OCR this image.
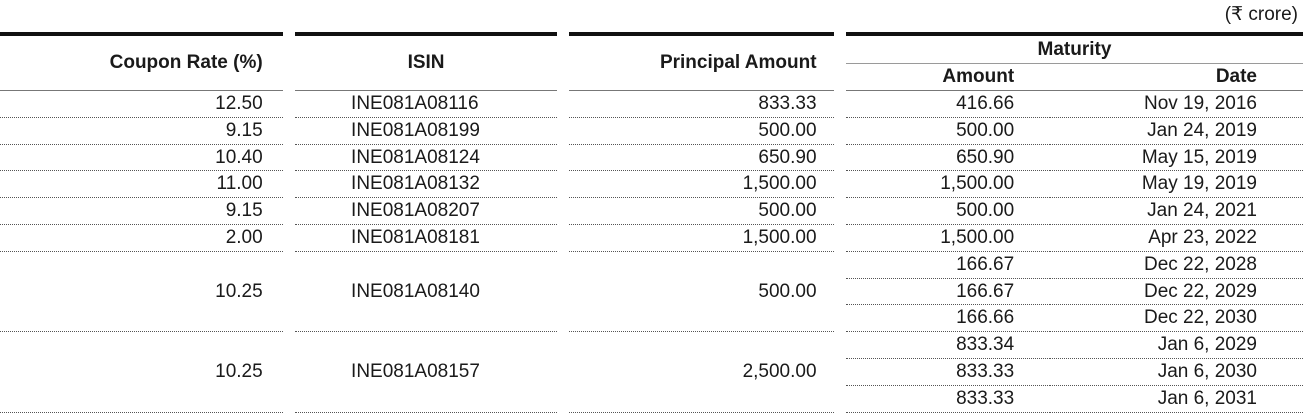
(₹ crore)
Coupon Rate (%)		ISIN		Principal Amount		Maturity	
						Amount	Date
12.50		INE081A08116		833.33		416.66	Nov 19, 2016
9.15		INE081A08199		500.00		500.00	Jan 24, 2019
10.40		INE081A08124		650.90		650.90	May 15, 2019
11.00		INE081A08132		1,500.00		1,500.00	May 19, 2019
9.15		INE081A08207		500.00		500.00	Jan 24, 2021
2.00		INE081A08181		1,500.00		1,500.00	Apr 23, 2022
10.25		INE081A08140		500.00		166.67	Dec 22, 2028
						166.67	Dec 22, 2029
						166.66	Dec 22, 2030
10.25		INE081A08157		2,500.00		833.34	Jan 6, 2029
						833.33	Jan 6, 2030
						833.33	Jan 6, 2031
